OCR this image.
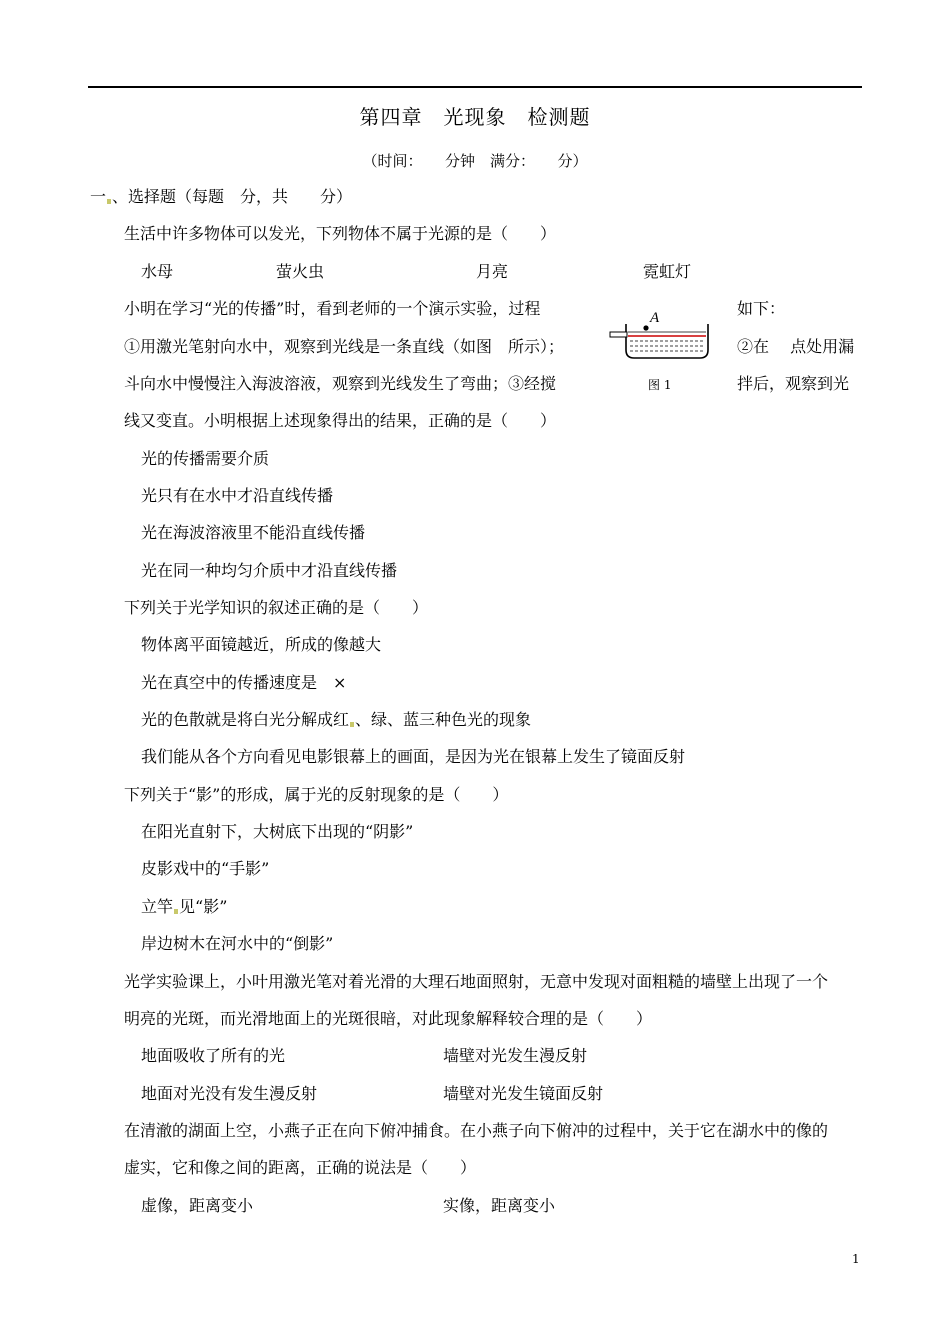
第四章　光现象　检测题
（时间：　　分钟　满分：　　分）
一 、选择题（每题　分，共　　分）
生活中许多物体可以发光，下列物体不属于光源的是（　　）
水母	萤火虫	月亮	霓虹灯
小明在学习“光的传播”时，看到老师的一个演示实验，过程	如下：
①用激光笔射向水中，观察到光线是一条直线（如图　所示）；	②在　 点处用漏
斗向水中慢慢注入海波溶液，观察到光线发生了弯曲；③经搅	拌后，观察到光
线又变直。小明根据上述现象得出的结果，正确的是（　　）
A
图 1
光的传播需要介质
光只有在水中才沿直线传播
光在海波溶液里不能沿直线传播
光在同一种均匀介质中才沿直线传播
下列关于光学知识的叙述正确的是（　　）
物体离平面镜越近，所成的像越大
光在真空中的传播速度是　×
光的色散就是将白光分解成红 、绿、蓝三种色光的现象
我们能从各个方向看见电影银幕上的画面，是因为光在银幕上发生了镜面反射
下列关于“影”的形成，属于光的反射现象的是（　　）
在阳光直射下，大树底下出现的“阴影”
皮影戏中的“手影”
立竿 见“影”
岸边树木在河水中的“倒影”
光学实验课上，小叶用激光笔对着光滑的大理石地面照射，无意中发现对面粗糙的墙壁上出现了一个
明亮的光斑，而光滑地面上的光斑很暗，对此现象解释较合理的是（　　）
地面吸收了所有的光	墙壁对光发生漫反射
地面对光没有发生漫反射	墙壁对光发生镜面反射
在清澈的湖面上空，小燕子正在向下俯冲捕食。在小燕子向下俯冲的过程中，关于它在湖水中的像的
虚实，它和像之间的距离，正确的说法是（　　）
虚像，距离变小	实像，距离变小
1
